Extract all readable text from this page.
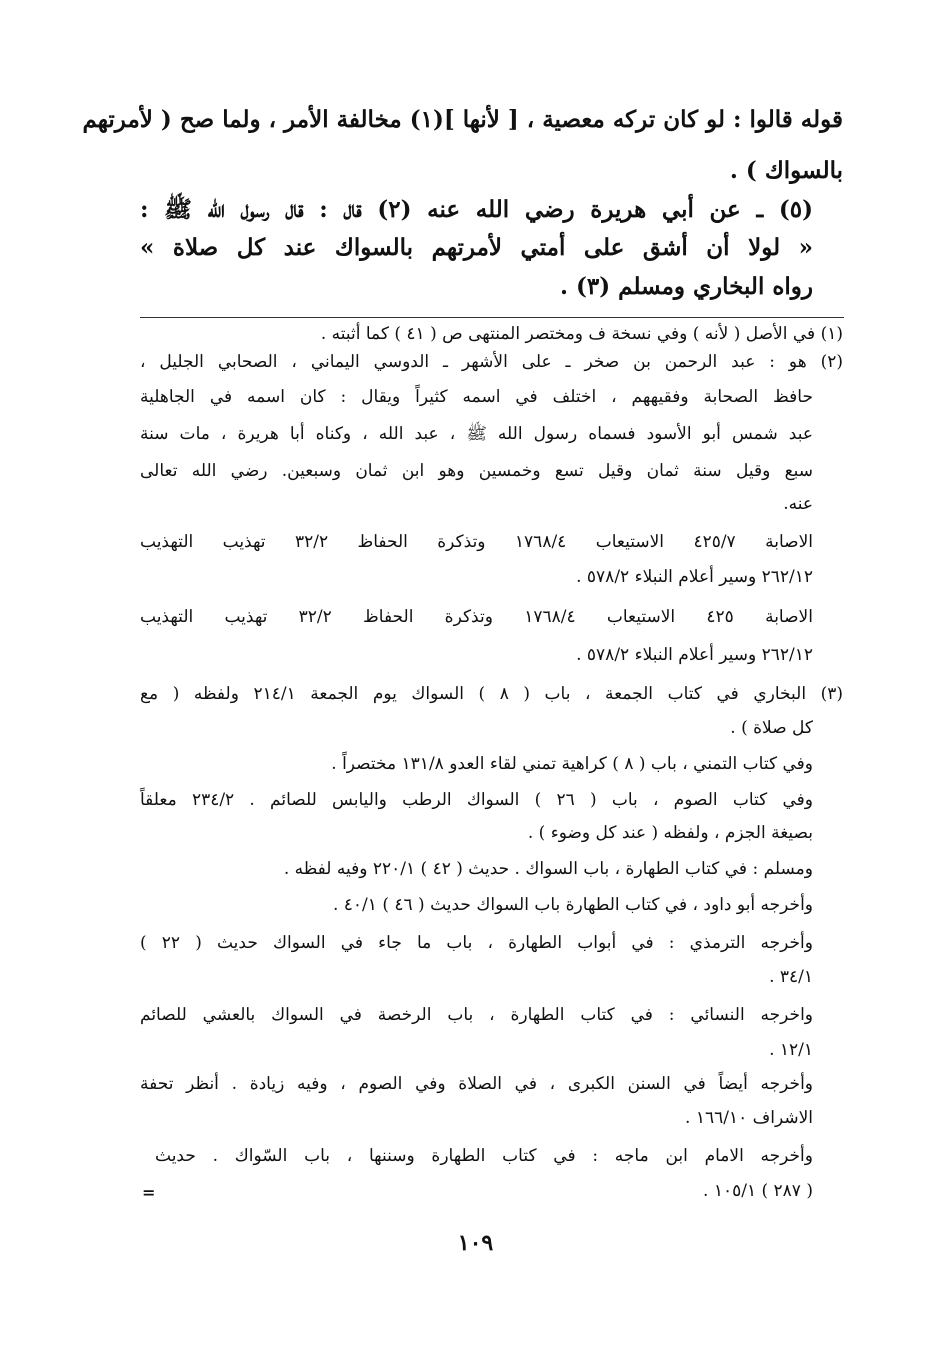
قوله قالوا : لو كان تركه معصية ، [ لأنها ](١) مخالفة الأمر ، ولما صح ( لأمرتهم
بالسواك ) .
(٥) ـ عن أبي هريرة رضي الله عنه (٢) قال : قال رسول الله ﷺ :
« لولا أن أشق على أمتي لأمرتهم بالسواك عند كل صلاة »
رواه البخاري ومسلم (٣) .
(١) في الأصل ( لأنه ) وفي نسخة ف ومختصر المنتهى ص ( ٤١ ) كما أثبته .
(٢) هو : عبد الرحمن بن صخر ـ على الأشهر ـ الدوسي اليماني ، الصحابي الجليل ،
حافظ الصحابة وفقيههم ، اختلف في اسمه كثيراً ويقال : كان اسمه في الجاهلية
عبد شمس أبو الأسود فسماه رسول الله ﷺ ، عبد الله ، وكناه أبا هريرة ، مات سنة
سبع وقيل سنة ثمان وقيل تسع وخمسين وهو ابن ثمان وسبعين. رضي الله تعالى
عنه.
الاصابة ٤٢٥/٧ الاستيعاب ١٧٦٨/٤ وتذكرة الحفاظ ٣٢/٢ تهذيب التهذيب
٢٦٢/١٢ وسير أعلام النبلاء ٥٧٨/٢ .
الاصابة ٤٢٥ الاستيعاب ١٧٦٨/٤ وتذكرة الحفاظ ٣٢/٢ تهذيب التهذيب
٢٦٢/١٢ وسير أعلام النبلاء ٥٧٨/٢ .
(٣) البخاري في كتاب الجمعة ، باب ( ٨ ) السواك يوم الجمعة ٢١٤/١ ولفظه ( مع
كل صلاة ) .
وفي كتاب التمني ، باب ( ٨ ) كراهية تمني لقاء العدو ١٣١/٨ مختصراً .
وفي كتاب الصوم ، باب ( ٢٦ ) السواك الرطب واليابس للصائم . ٢٣٤/٢ معلقاً
بصيغة الجزم ، ولفظه ( عند كل وضوء ) .
ومسلم : في كتاب الطهارة ، باب السواك . حديث ( ٤٢ ) ٢٢٠/١ وفيه لفظه .
وأخرجه أبو داود ، في كتاب الطهارة باب السواك حديث ( ٤٦ ) ٤٠/١ .
وأخرجه الترمذي : في أبواب الطهارة ، باب ما جاء في السواك حديث ( ٢٢ )
٣٤/١ .
واخرجه النسائي : في كتاب الطهارة ، باب الرخصة في السواك بالعشي للصائم
١٢/١ .
وأخرجه أيضاً في السنن الكبرى ، في الصلاة وفي الصوم ، وفيه زيادة . أنظر تحفة
الاشراف ١٦٦/١٠ .
وأخرجه الامام ابن ماجه : في كتاب الطهارة وسننها ، باب السّواك . حديث
( ٢٨٧ ) ١٠٥/١ .
=
١٠٩
